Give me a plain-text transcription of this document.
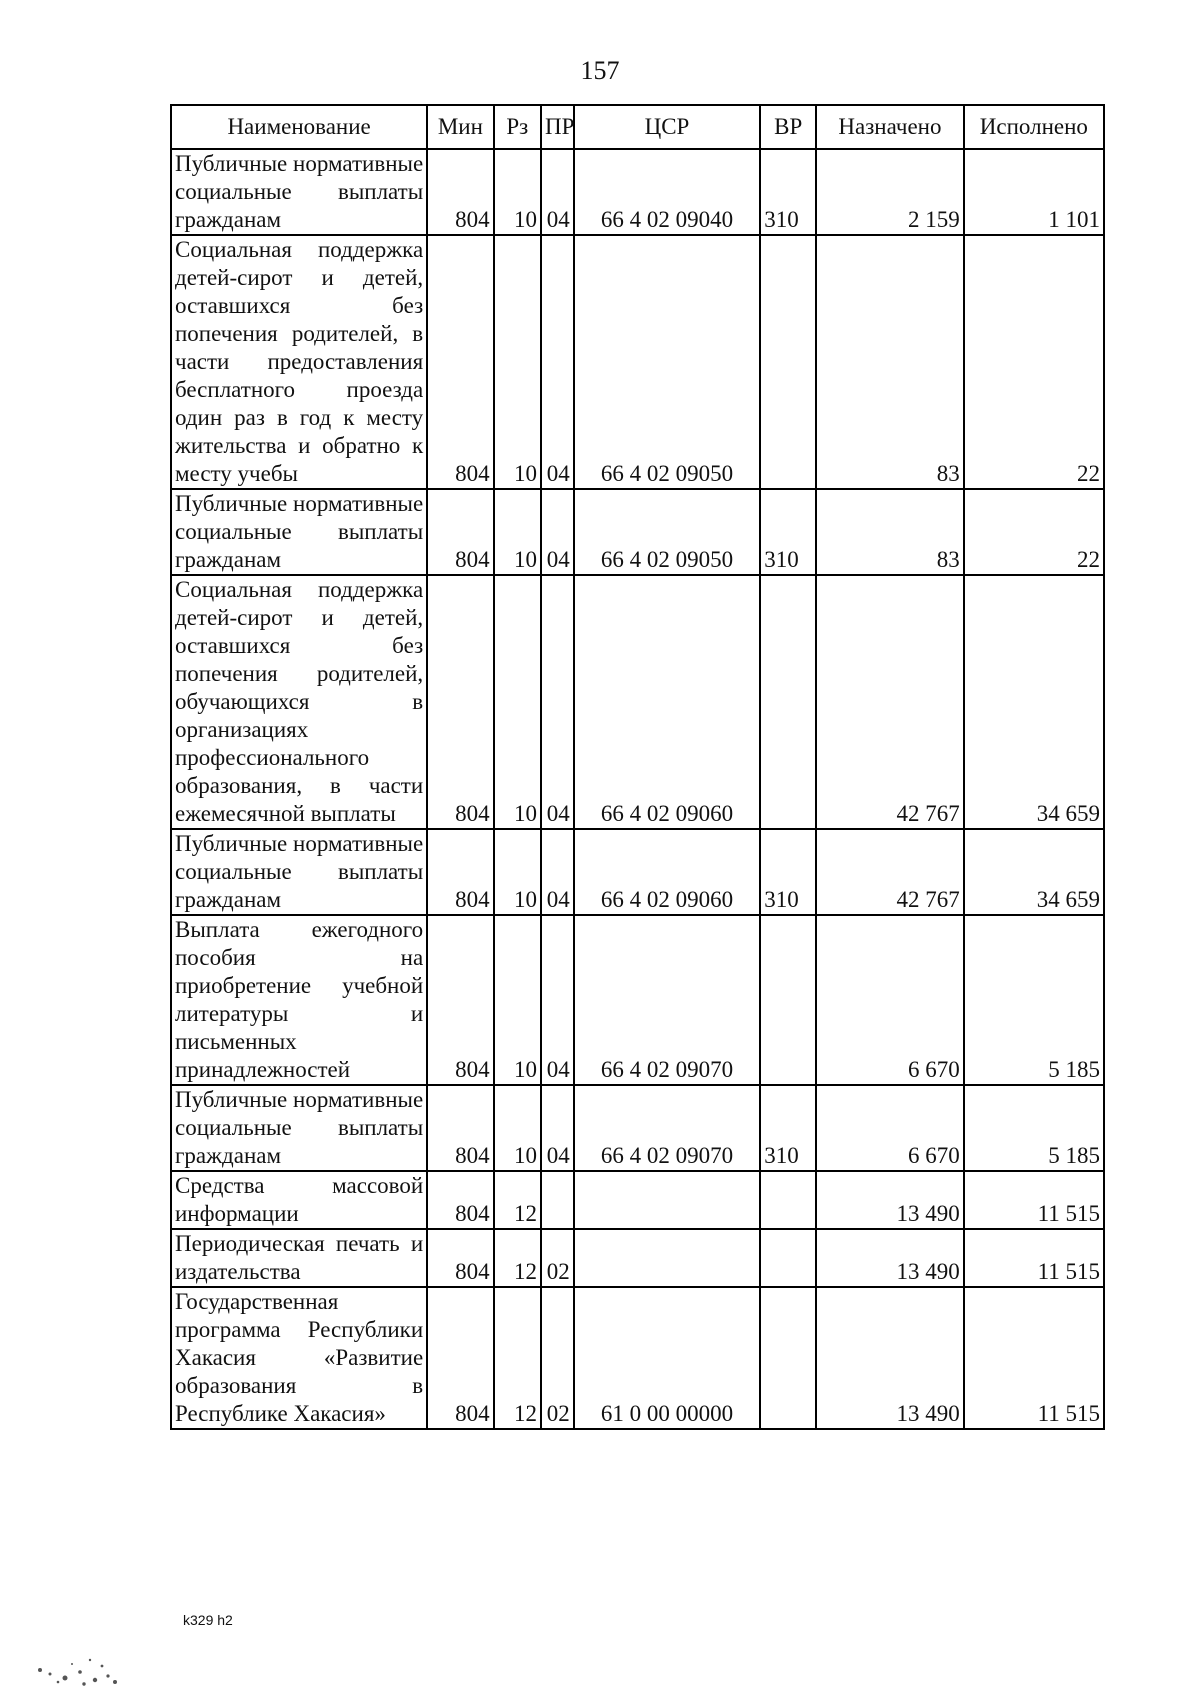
157
Наименование	Мин	Рз	ПР	ЦСР	ВР	Назначено	Исполнено
Публичные нормативные социальные выплаты гражданам	804	10	04	66 4 02 09040	310	2 159	1 101
Социальная поддержка детей-сирот и детей, оставшихся без попечения родителей, в части предоставления бесплатного проезда один раз в год к месту жительства и обратно к месту учебы	804	10	04	66 4 02 09050		83	22
Публичные нормативные социальные выплаты гражданам	804	10	04	66 4 02 09050	310	83	22
Социальная поддержка детей-сирот и детей, оставшихся без попечения родителей, обучающихся в организациях профессионального образования, в части ежемесячной выплаты	804	10	04	66 4 02 09060		42 767	34 659
Публичные нормативные социальные выплаты гражданам	804	10	04	66 4 02 09060	310	42 767	34 659
Выплата ежегодного пособия на приобретение учебной литературы и письменных принадлежностей	804	10	04	66 4 02 09070		6 670	5 185
Публичные нормативные социальные выплаты гражданам	804	10	04	66 4 02 09070	310	6 670	5 185
Средства массовой информации	804	12				13 490	11 515
Периодическая печать и издательства	804	12	02			13 490	11 515
Государственная программа Республики Хакасия «Развитие образования в Республике Хакасия»	804	12	02	61 0 00 00000		13 490	11 515
k329 h2
